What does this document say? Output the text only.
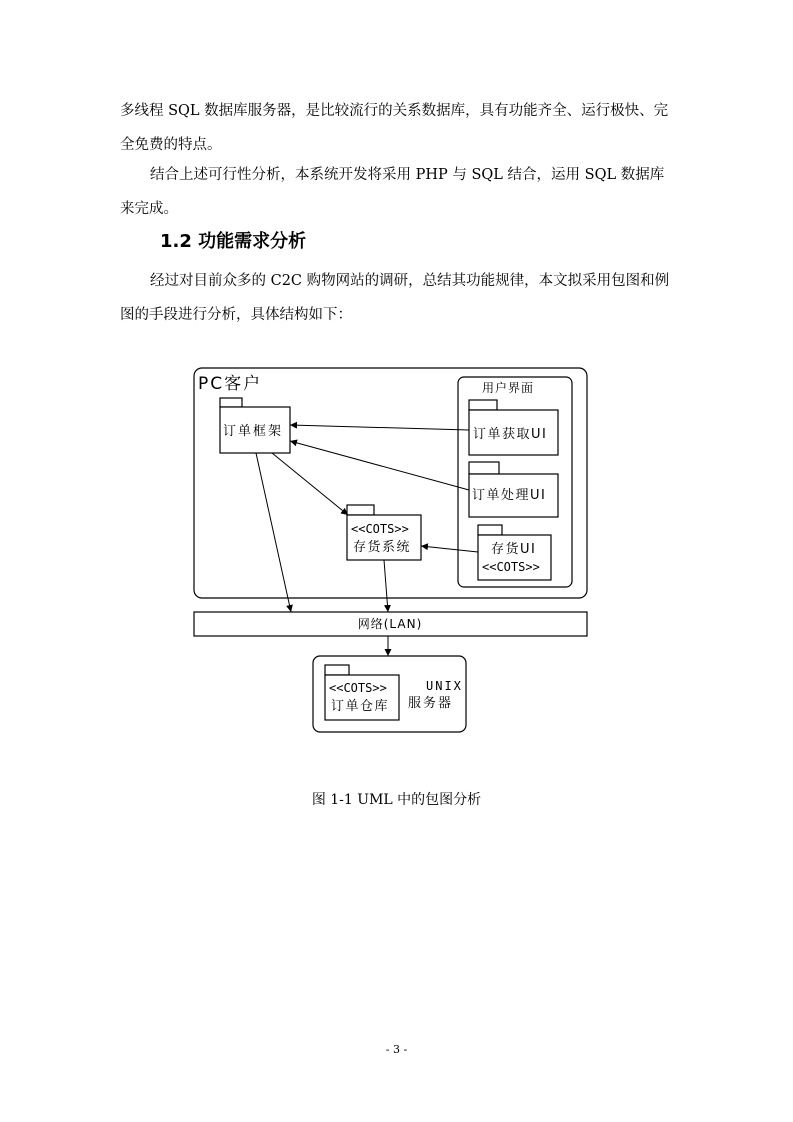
多线程 SQL 数据库服务器，是比较流行的关系数据库，具有功能齐全、运行极快、完全免费的特点。

结合上述可行性分析，本系统开发将采用 PHP 与 SQL 结合，运用 SQL 数据库来完成。

1.2 功能需求分析

经过对目前众多的 C2C 购物网站的调研，总结其功能规律，本文拟采用包图和例图的手段进行分析，具体结构如下：

PC客户	用户界面
订单框架	订单获取UI
订单处理UI
存货UI
<<COTS>>
<<COTS>>
存货系统
网络(LAN)
<<COTS>>
订单仓库
UNIX
服务器

图 1-1 UML 中的包图分析

- 3 -
